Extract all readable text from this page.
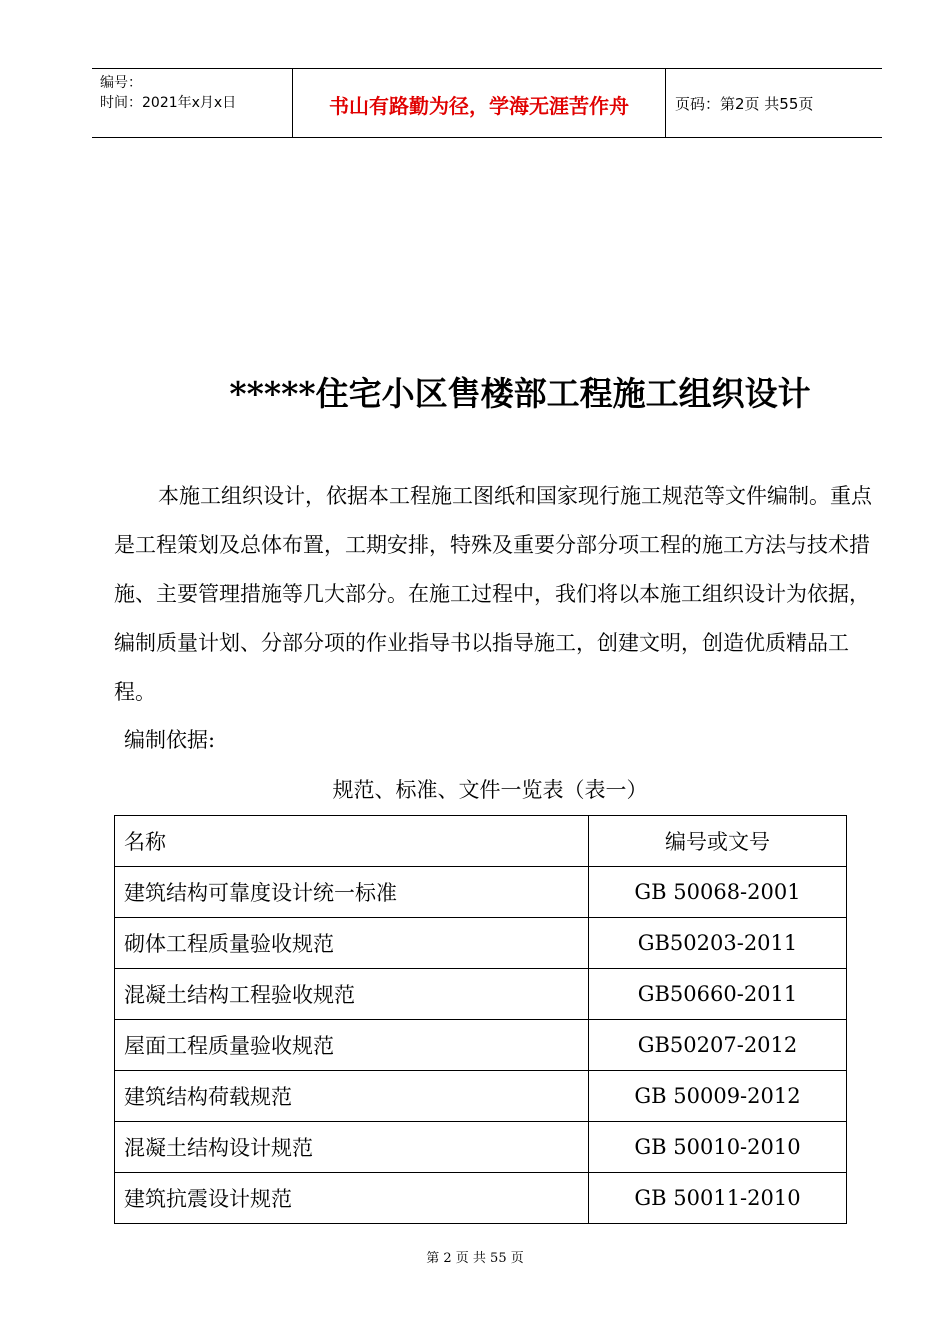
编号：
时间：2021年x月x日	书山有路勤为径，学海无涯苦作舟	页码：第2页 共55页
*****住宅小区售楼部工程施工组织设计

本施工组织设计，依据本工程施工图纸和国家现行施工规范等文件编制。重点是工程策划及总体布置，工期安排，特殊及重要分部分项工程的施工方法与技术措施、主要管理措施等几大部分。在施工过程中，我们将以本施工组织设计为依据，编制质量计划、分部分项的作业指导书以指导施工，创建文明，创造优质精品工程。

编制依据:
规范、标准、文件一览表（表一）
名称	编号或文号
建筑结构可靠度设计统一标准	GB 50068-2001
砌体工程质量验收规范	GB50203-2011
混凝土结构工程验收规范	GB50660-2011
屋面工程质量验收规范	GB50207-2012
建筑结构荷载规范	GB 50009-2012
混凝土结构设计规范	GB 50010-2010
建筑抗震设计规范	GB 50011-2010
第 2 页 共 55 页
